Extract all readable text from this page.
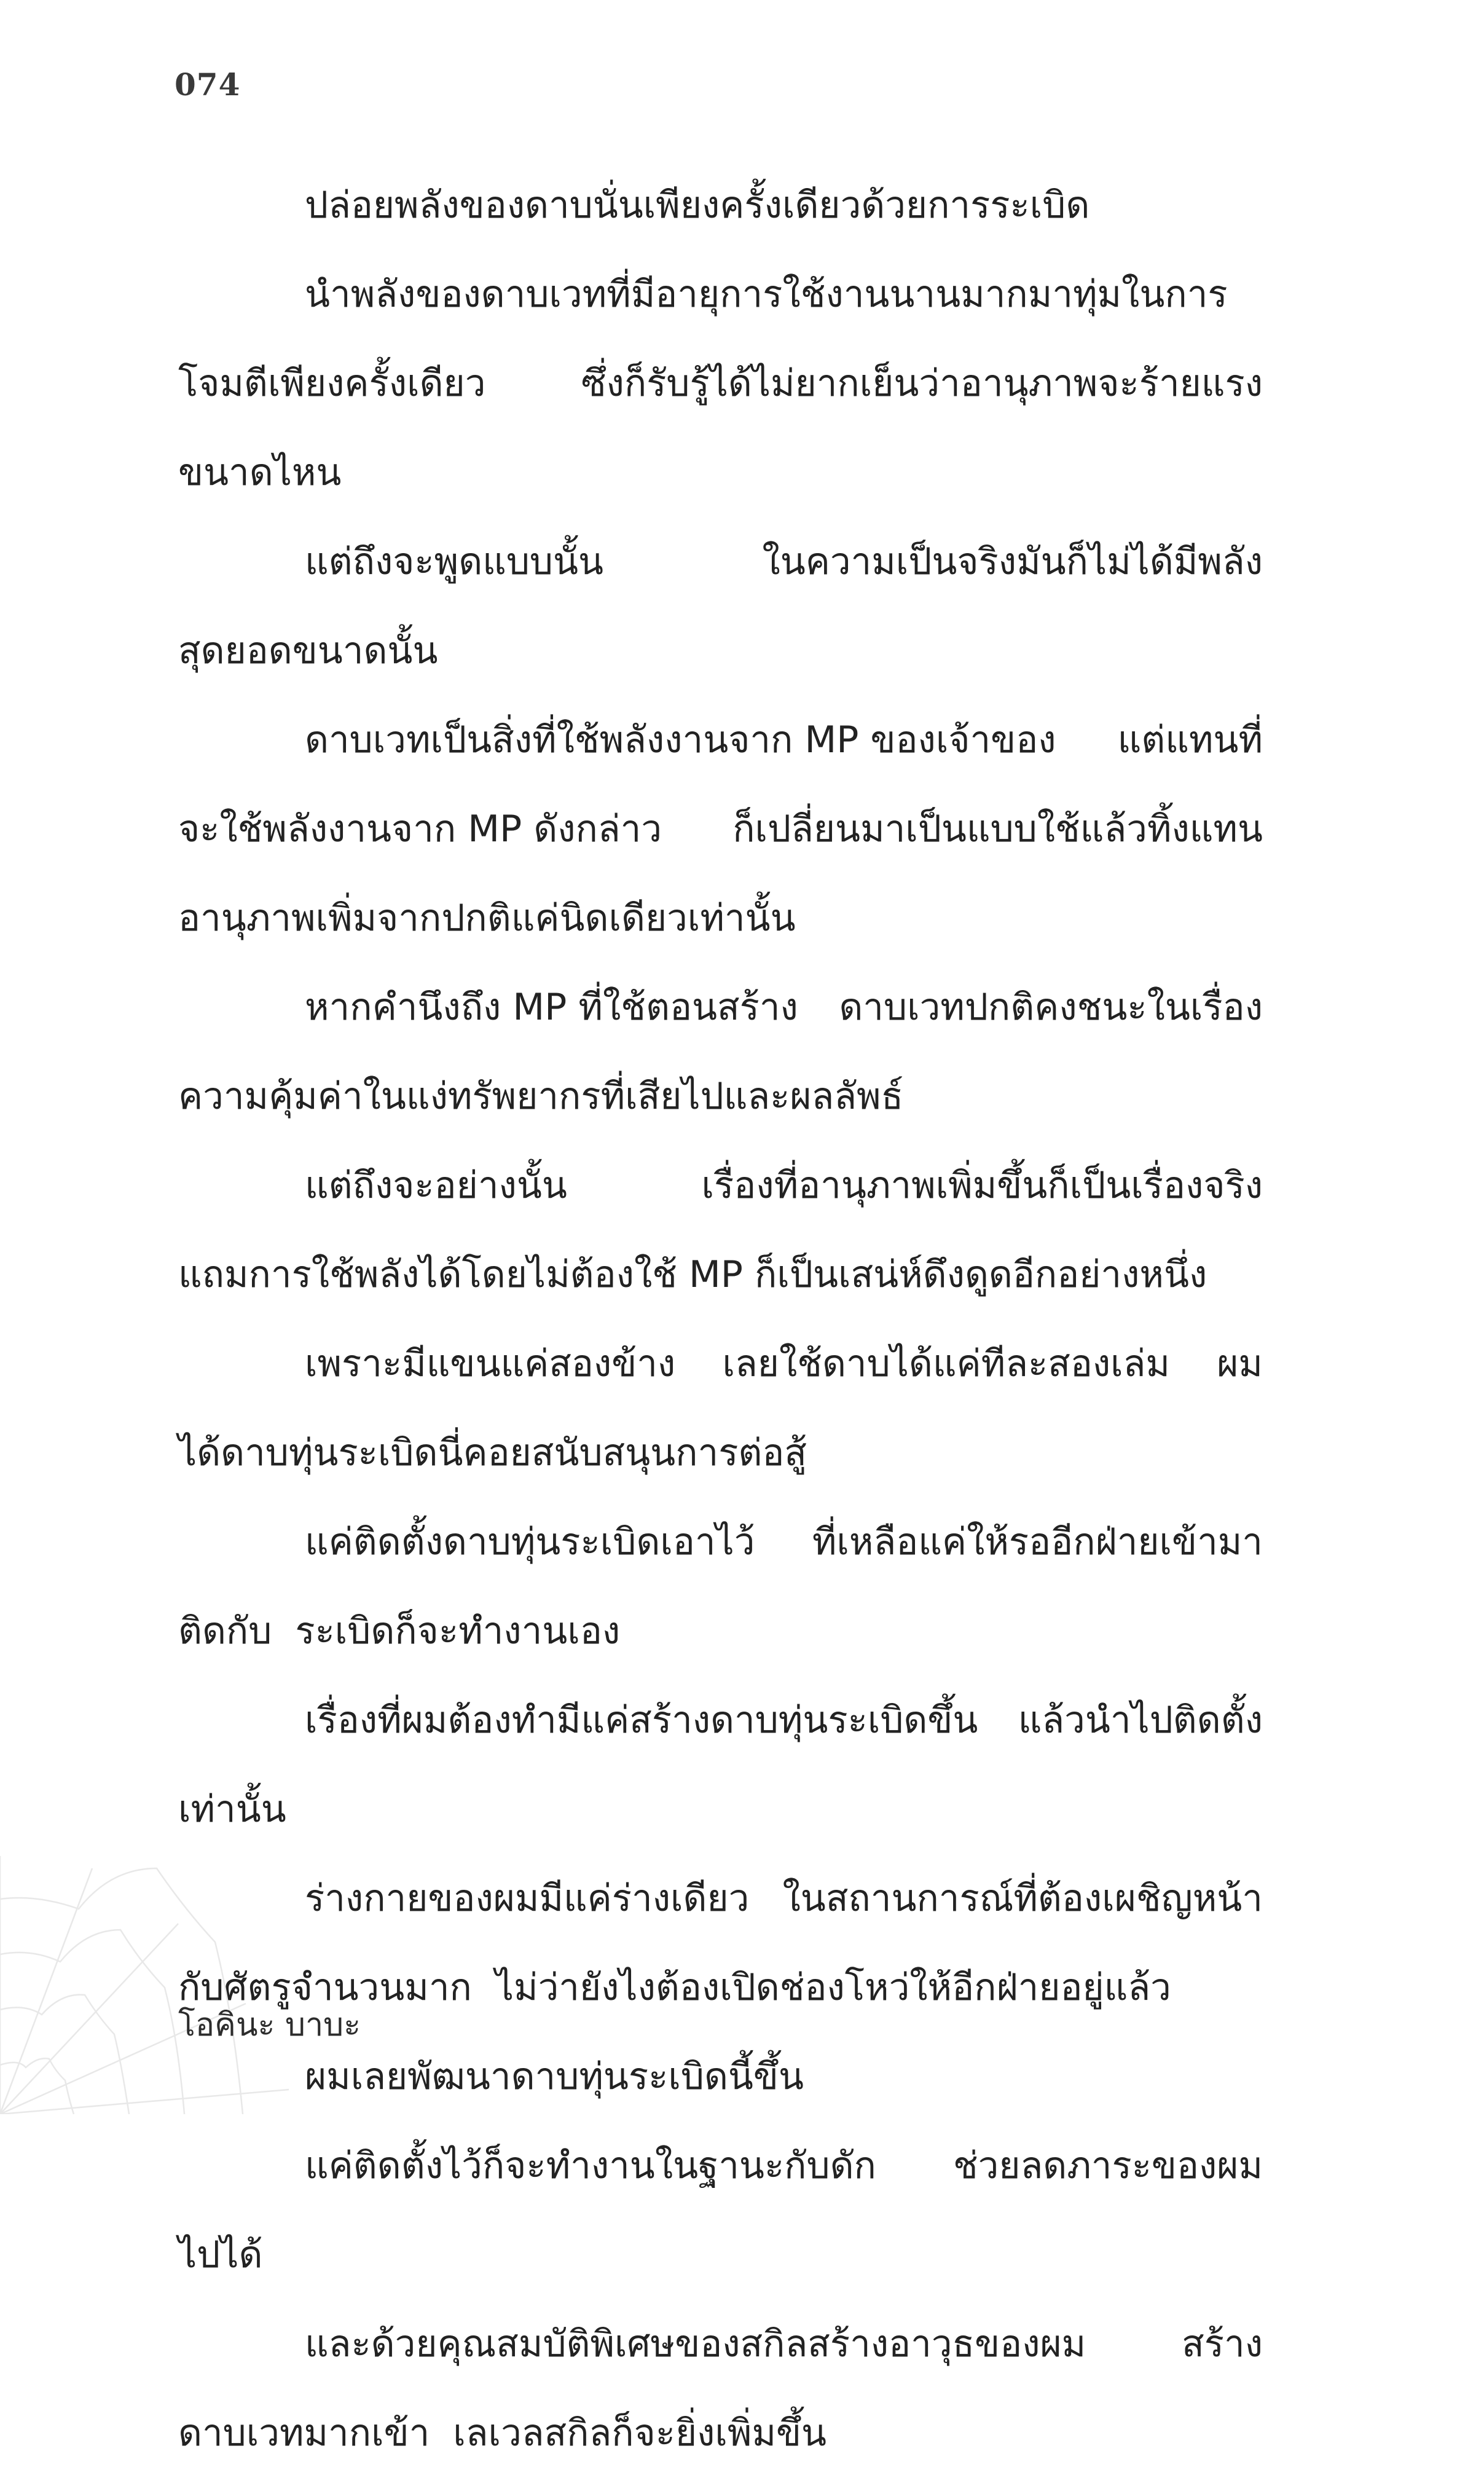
074
ปล่อยพลังของดาบนั่นเพียงครั้งเดียวด้วยการระเบิด
นำพลังของดาบเวทที่มีอายุการใช้งานนานมากมาทุ่มในการ
โจมตีเพียงครั้งเดียว	ซึ่งก็รับรู้ได้ไม่ยากเย็นว่าอานุภาพจะร้ายแรง
ขนาดไหน
แต่ถึงจะพูดแบบนั้น	ในความเป็นจริงมันก็ไม่ได้มีพลัง
สุดยอดขนาดนั้น
ดาบเวทเป็นสิ่งที่ใช้พลังงานจาก MP ของเจ้าของ แต่แทนที่
จะใช้พลังงานจาก MP ดังกล่าว ก็เปลี่ยนมาเป็นแบบใช้แล้วทิ้งแทน
อานุภาพเพิ่มจากปกติแค่นิดเดียวเท่านั้น
หากคำนึงถึง MP ที่ใช้ตอนสร้าง ดาบเวทปกติคงชนะในเรื่อง
ความคุ้มค่าในแง่ทรัพยากรที่เสียไปและผลลัพธ์
แต่ถึงจะอย่างนั้น	เรื่องที่อานุภาพเพิ่มขึ้นก็เป็นเรื่องจริง
แถมการใช้พลังได้โดยไม่ต้องใช้ MP ก็เป็นเสน่ห์ดึงดูดอีกอย่างหนึ่ง
เพราะมีแขนแค่สองข้าง เลยใช้ดาบได้แค่ทีละสองเล่ม ผม
ได้ดาบทุ่นระเบิดนี่คอยสนับสนุนการต่อสู้
แค่ติดตั้งดาบทุ่นระเบิดเอาไว้ ที่เหลือแค่ให้รออีกฝ่ายเข้ามา
ติดกับ ระเบิดก็จะทำงานเอง
เรื่องที่ผมต้องทำมีแค่สร้างดาบทุ่นระเบิดขึ้น แล้วนำไปติดตั้ง
เท่านั้น
ร่างกายของผมมีแค่ร่างเดียว ในสถานการณ์ที่ต้องเผชิญหน้า
กับศัตรูจำนวนมาก ไม่ว่ายังไงต้องเปิดช่องโหว่ให้อีกฝ่ายอยู่แล้ว
ผมเลยพัฒนาดาบทุ่นระเบิดนี้ขึ้น
แค่ติดตั้งไว้ก็จะทำงานในฐานะกับดัก ช่วยลดภาระของผม
ไปได้
และด้วยคุณสมบัติพิเศษของสกิลสร้างอาวุธของผม	สร้าง
ดาบเวทมากเข้า เลเวลสกิลก็จะยิ่งเพิ่มขึ้น
โอคินะ บาบะ
